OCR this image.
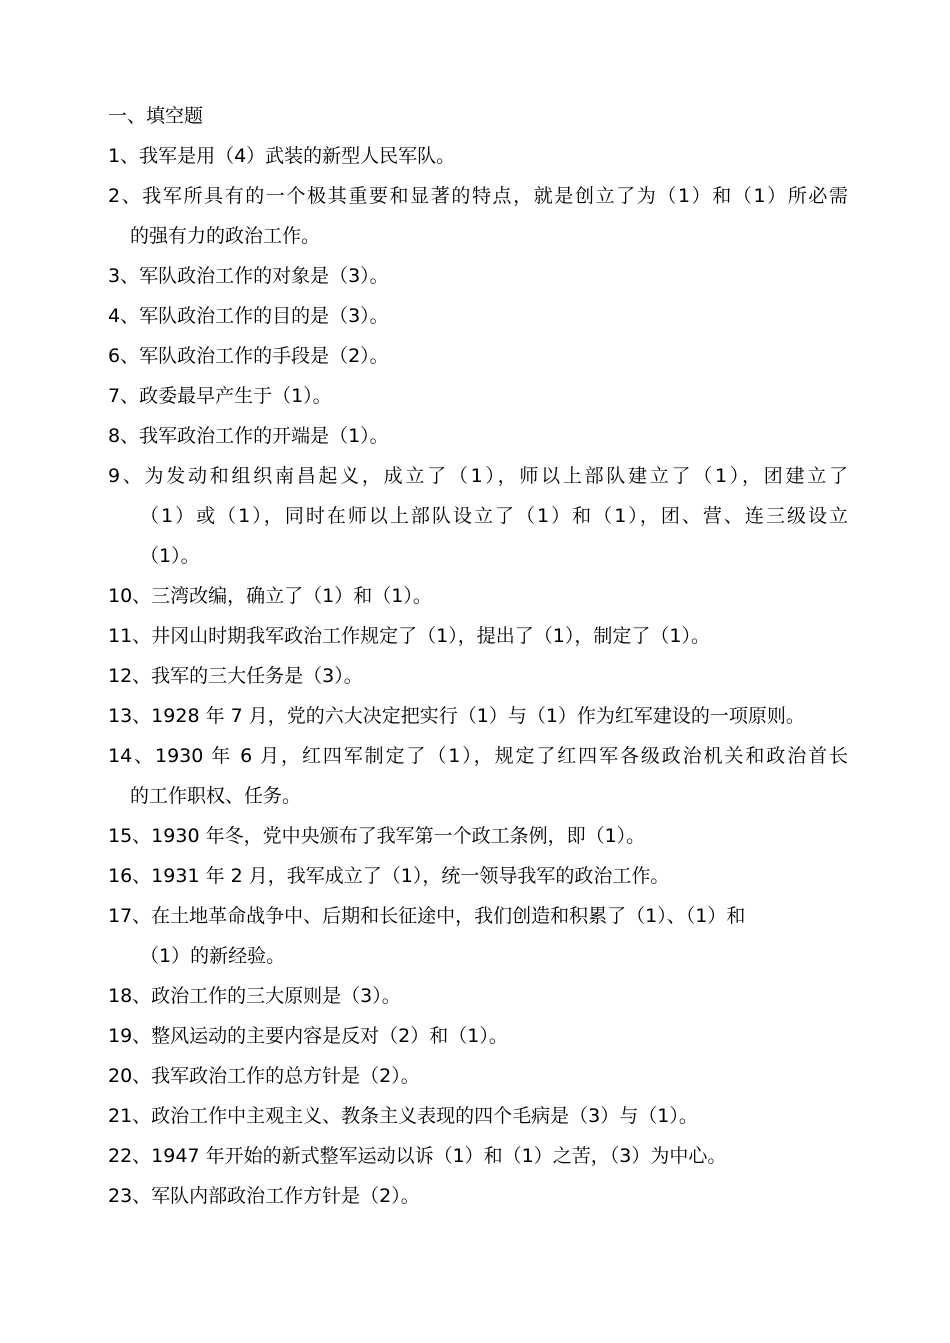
一、填空题
1、我军是用（4）武装的新型人民军队。
2、我军所具有的一个极其重要和显著的特点，就是创立了为（1）和（1）所必需
的强有力的政治工作。
3、军队政治工作的对象是（3）。
4、军队政治工作的目的是（3）。
6、军队政治工作的手段是（2）。
7、政委最早产生于（1）。
8、我军政治工作的开端是（1）。
9、为发动和组织南昌起义，成立了（1），师以上部队建立了（1），团建立了
（1）或（1），同时在师以上部队设立了（1）和（1），团、营、连三级设立
（1）。
10、三湾改编，确立了（1）和（1）。
11、井冈山时期我军政治工作规定了（1），提出了（1），制定了（1）。
12、我军的三大任务是（3）。
13、1928 年 7 月，党的六大决定把实行（1）与（1）作为红军建设的一项原则。
14、1930 年 6 月，红四军制定了（1），规定了红四军各级政治机关和政治首长
的工作职权、任务。
15、1930 年冬，党中央颁布了我军第一个政工条例，即（1）。
16、1931 年 2 月，我军成立了（1），统一领导我军的政治工作。
17、在土地革命战争中、后期和长征途中，我们创造和积累了（1）、（1）和
（1）的新经验。
18、政治工作的三大原则是（3）。
19、整风运动的主要内容是反对（2）和（1）。
20、我军政治工作的总方针是（2）。
21、政治工作中主观主义、教条主义表现的四个毛病是（3）与（1）。
22、1947 年开始的新式整军运动以诉（1）和（1）之苦，（3）为中心。
23、军队内部政治工作方针是（2）。
